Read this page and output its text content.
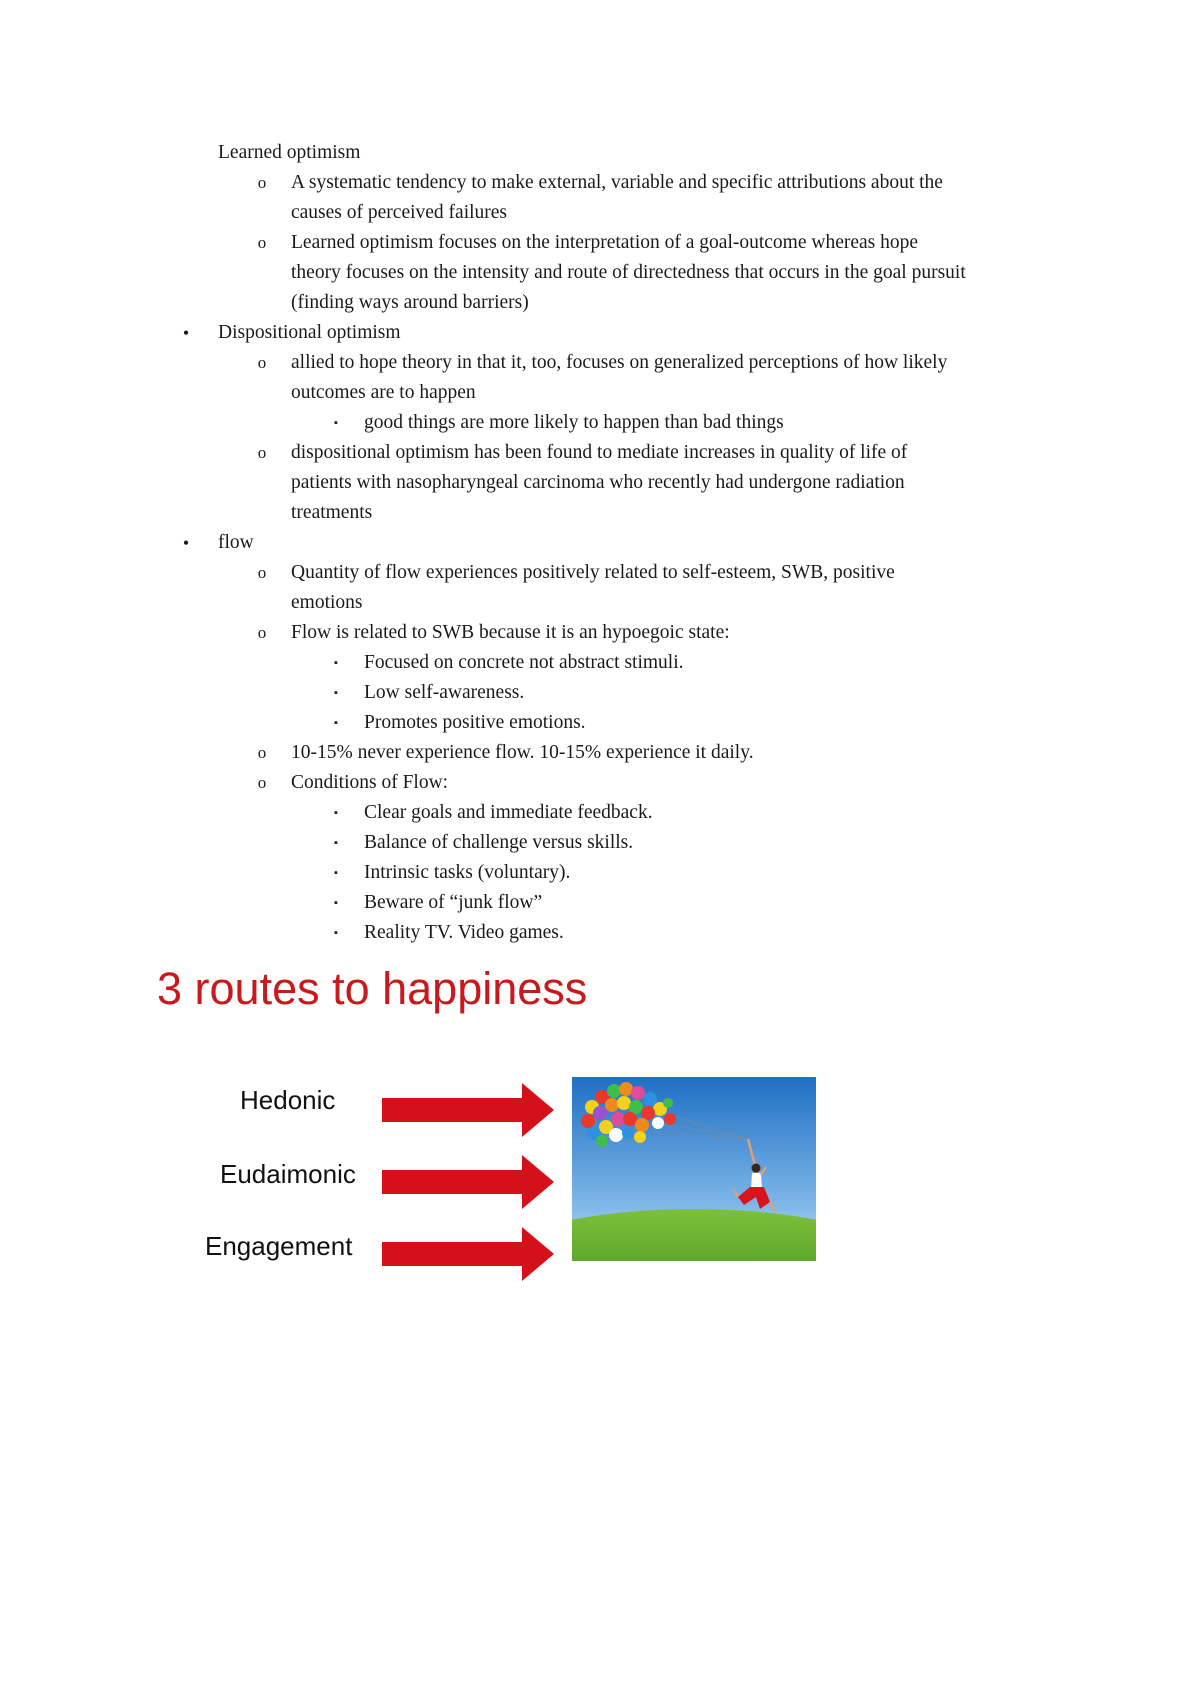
Learned optimism
o A systematic tendency to make external, variable and specific attributions about the
causes of perceived failures
o Learned optimism focuses on the interpretation of a goal-outcome whereas hope
theory focuses on the intensity and route of directedness that occurs in the goal pursuit
(finding ways around barriers)
•	Dispositional optimism
o allied to hope theory in that it, too, focuses on generalized perceptions of how likely
outcomes are to happen
▪	good things are more likely to happen than bad things
o dispositional optimism has been found to mediate increases in quality of life of
patients with nasopharyngeal carcinoma who recently had undergone radiation
treatments
•	flow
o Quantity of flow experiences positively related to self-esteem, SWB, positive
emotions
o Flow is related to SWB because it is an hypoegoic state:
▪	Focused on concrete not abstract stimuli.
▪	Low self-awareness.
▪	Promotes positive emotions.
o 10-15% never experience flow. 10-15% experience it daily.
o Conditions of Flow:
▪	Clear goals and immediate feedback.
▪	Balance of challenge versus skills.
▪	Intrinsic tasks (voluntary).
▪	Beware of “junk flow”
▪	Reality TV. Video games.
3 routes to happiness
Hedonic
Eudaimonic
Engagement
